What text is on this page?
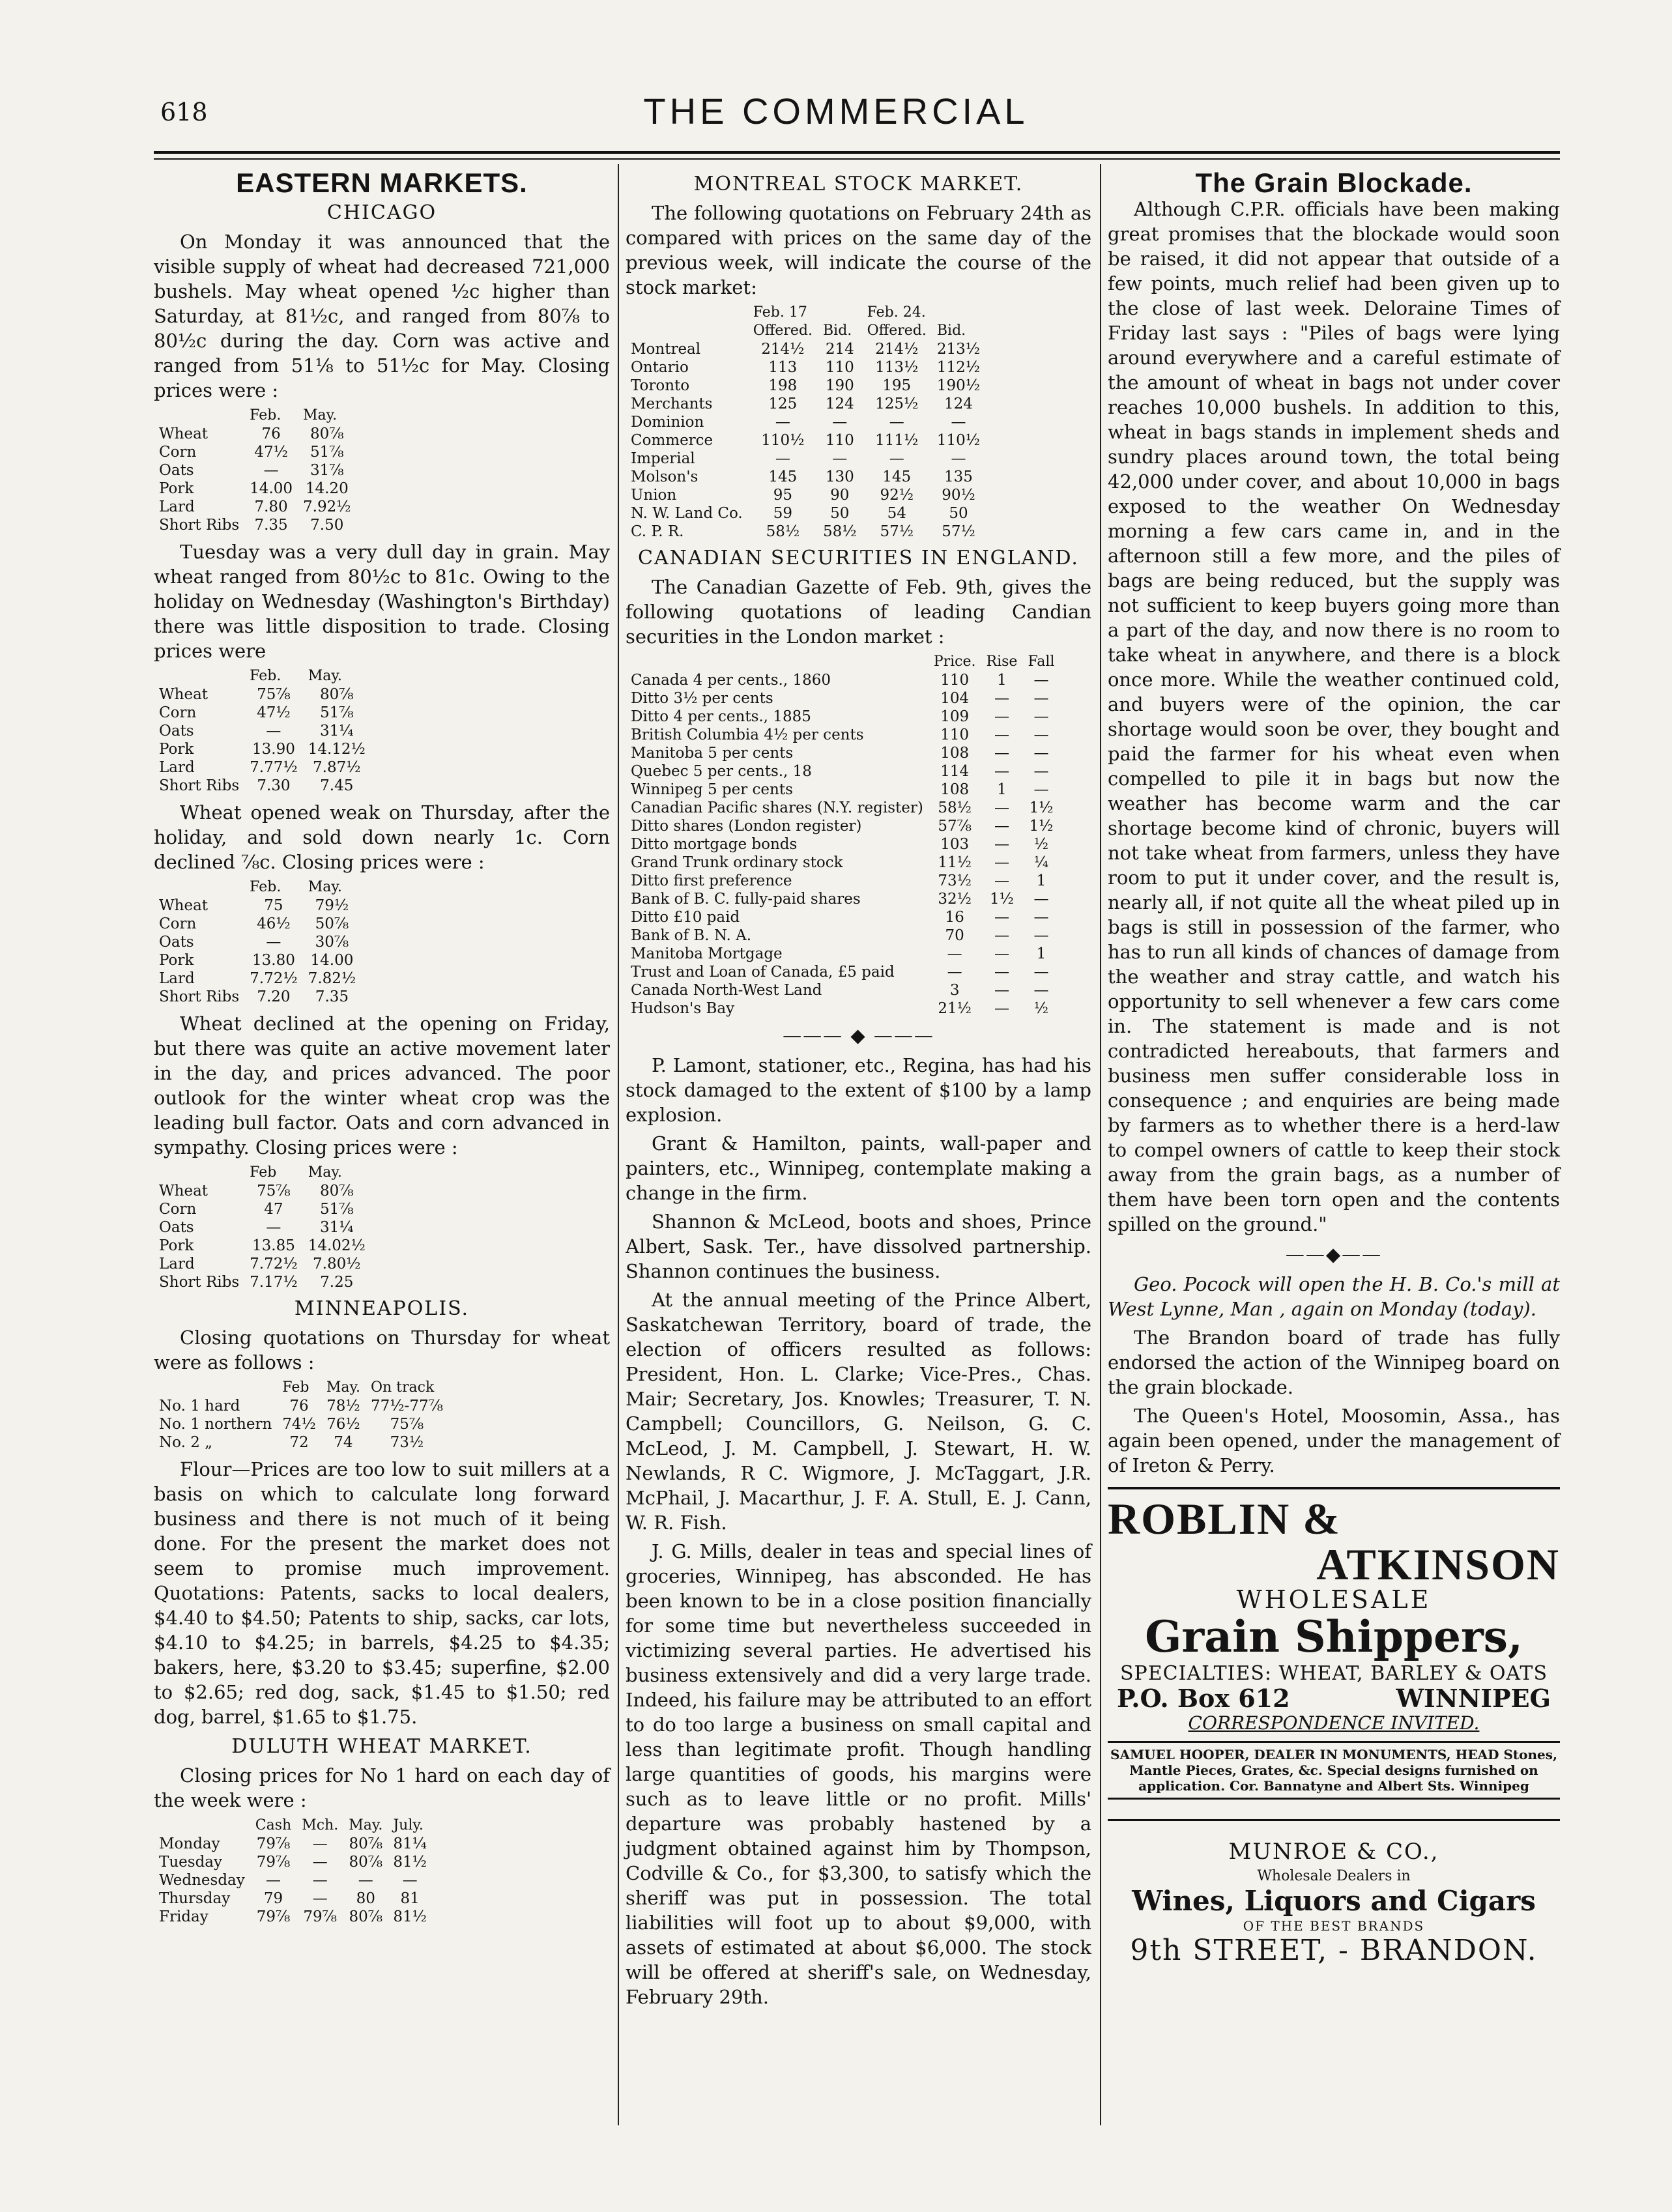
618	THE COMMERCIAL
EASTERN MARKETS.
CHICAGO

On Monday it was announced that the visible supply of wheat had decreased 721,000 bushels. May wheat opened ½c higher than Saturday, at 81½c, and ranged from 80⅞ to 80½c during the day. Corn was active and ranged from 51⅛ to 51½c for May. Closing prices were :

	Feb.	May.
Wheat	76	80⅞
Corn	47½	51⅞
Oats	—	31⅞
Pork	14.00	14.20
Lard	7.80	7.92½
Short Ribs	7.35	7.50

Tuesday was a very dull day in grain. May wheat ranged from 80½c to 81c. Owing to the holiday on Wednesday (Washington's Birthday) there was little disposition to trade. Closing prices were

	Feb.	May.
Wheat	75⅞	80⅞
Corn	47½	51⅞
Oats	—	31¼
Pork	13.90	14.12½
Lard	7.77½	7.87½
Short Ribs	7.30	7.45

Wheat opened weak on Thursday, after the holiday, and sold down nearly 1c. Corn declined ⅞c. Closing prices were :

	Feb.	May.
Wheat	75	79½
Corn	46½	50⅞
Oats	—	30⅞
Pork	13.80	14.00
Lard	7.72½	7.82½
Short Ribs	7.20	7.35

Wheat declined at the opening on Friday, but there was quite an active movement later in the day, and prices advanced. The poor outlook for the winter wheat crop was the leading bull factor. Oats and corn advanced in sympathy. Closing prices were :

	Feb	May.
Wheat	75⅞	80⅞
Corn	47	51⅞
Oats	—	31¼
Pork	13.85	14.02½
Lard	7.72½	7.80½
Short Ribs	7.17½	7.25
MINNEAPOLIS.

Closing quotations on Thursday for wheat were as follows :

	Feb	May.	On track
No. 1 hard	76	78½	77½-77⅞
No. 1 northern	74½	76½	75⅞
No. 2 „	72	74	73½

Flour—Prices are too low to suit millers at a basis on which to calculate long forward business and there is not much of it being done. For the present the market does not seem to promise much improvement. Quotations: Patents, sacks to local dealers, $4.40 to $4.50; Patents to ship, sacks, car lots, $4.10 to $4.25; in barrels, $4.25 to $4.35; bakers, here, $3.20 to $3.45; superfine, $2.00 to $2.65; red dog, sack, $1.45 to $1.50; red dog, barrel, $1.65 to $1.75.

DULUTH WHEAT MARKET.

Closing prices for No 1 hard on each day of the week were :

	Cash	Mch.	May.	July.
Monday	79⅞	—	80⅞	81¼
Tuesday	79⅞	—	80⅞	81½
Wednesday	—	—	—	—
Thursday	79	—	80	81
Friday	79⅞	79⅞	80⅞	81½
MONTREAL STOCK MARKET.

The following quotations on February 24th as compared with prices on the same day of the previous week, will indicate the course of the stock market:

	Feb. 17		Feb. 24.	
	Offered.	Bid.	Offered.	Bid.
Montreal	214½	214	214½	213½
Ontario	113	110	113½	112½
Toronto	198	190	195	190½
Merchants	125	124	125½	124
Dominion	—	—	—	—
Commerce	110½	110	111½	110½
Imperial	—	—	—	—
Molson's	145	130	145	135
Union	95	90	92½	90½
N. W. Land Co.	59	50	54	50
C. P. R.	58½	58½	57½	57½
CANADIAN SECURITIES IN ENGLAND.

The Canadian Gazette of Feb. 9th, gives the following quotations of leading Candian securities in the London market :

	Price.	Rise	Fall
Canada 4 per cents., 1860	110	1	—
Ditto 3½ per cents	104	—	—
Ditto 4 per cents., 1885	109	—	—
British Columbia 4½ per cents	110	—	—
Manitoba 5 per cents	108	—	—
Quebec 5 per cents., 18	114	—	—
Winnipeg 5 per cents	108	1	—
Canadian Pacific shares (N.Y. register)	58½	—	1½
Ditto shares (London register)	57⅞	—	1½
Ditto mortgage bonds	103	—	½
Grand Trunk ordinary stock	11½	—	¼
Ditto first preference	73½	—	1
Bank of B. C. fully-paid shares	32½	1½	—
Ditto £10 paid	16	—	—
Bank of B. N. A.	70	—	—
Manitoba Mortgage	—	—	1
Trust and Loan of Canada, £5 paid	—	—	—
Canada North-West Land	3	—	—
Hudson's Bay	21½	—	½
——— ◆ ———

P. Lamont, stationer, etc., Regina, has had his stock damaged to the extent of $100 by a lamp explosion.

Grant & Hamilton, paints, wall-paper and painters, etc., Winnipeg, contemplate making a change in the firm.

Shannon & McLeod, boots and shoes, Prince Albert, Sask. Ter., have dissolved partnership. Shannon continues the business.

At the annual meeting of the Prince Albert, Saskatchewan Territory, board of trade, the election of officers resulted as follows: President, Hon. L. Clarke; Vice-Pres., Chas. Mair; Secretary, Jos. Knowles; Treasurer, T. N. Campbell; Councillors, G. Neilson, G. C. McLeod, J. M. Campbell, J. Stewart, H. W. Newlands, R C. Wigmore, J. McTaggart, J.R. McPhail, J. Macarthur, J. F. A. Stull, E. J. Cann, W. R. Fish.

J. G. Mills, dealer in teas and special lines of groceries, Winnipeg, has absconded. He has been known to be in a close position financially for some time but nevertheless succeeded in victimizing several parties. He advertised his business extensively and did a very large trade. Indeed, his failure may be attributed to an effort to do too large a business on small capital and less than legitimate profit. Though handling large quantities of goods, his margins were such as to leave little or no profit. Mills' departure was probably hastened by a judgment obtained against him by Thompson, Codville & Co., for $3,300, to satisfy which the sheriff was put in possession. The total liabilities will foot up to about $9,000, with assets of estimated at about $6,000. The stock will be offered at sheriff's sale, on Wednesday, February 29th.

The Grain Blockade.

Although C.P.R. officials have been making great promises that the blockade would soon be raised, it did not appear that outside of a few points, much relief had been given up to the close of last week. Deloraine Times of Friday last says : "Piles of bags were lying around everywhere and a careful estimate of the amount of wheat in bags not under cover reaches 10,000 bushels. In addition to this, wheat in bags stands in implement sheds and sundry places around town, the total being 42,000 under cover, and about 10,000 in bags exposed to the weather On Wednesday morning a few cars came in, and in the afternoon still a few more, and the piles of bags are being reduced, but the supply was not sufficient to keep buyers going more than a part of the day, and now there is no room to take wheat in anywhere, and there is a block once more. While the weather continued cold, and buyers were of the opinion, the car shortage would soon be over, they bought and paid the farmer for his wheat even when compelled to pile it in bags but now the weather has become warm and the car shortage become kind of chronic, buyers will not take wheat from farmers, unless they have room to put it under cover, and the result is, nearly all, if not quite all the wheat piled up in bags is still in possession of the farmer, who has to run all kinds of chances of damage from the weather and stray cattle, and watch his opportunity to sell whenever a few cars come in. The statement is made and is not contradicted hereabouts, that farmers and business men suffer considerable loss in consequence ; and enquiries are being made by farmers as to whether there is a herd-law to compel owners of cattle to keep their stock away from the grain bags, as a number of them have been torn open and the contents spilled on the ground."

——◆——

Geo. Pocock will open the H. B. Co.'s mill at West Lynne, Man , again on Monday (today).

The Brandon board of trade has fully endorsed the action of the Winnipeg board on the grain blockade.

The Queen's Hotel, Moosomin, Assa., has again been opened, under the management of of Ireton & Perry.

ROBLIN &
ATKINSON
WHOLESALE
Grain Shippers,
SPECIALTIES: WHEAT, BARLEY & OATS
P.O. Box 612	WINNIPEG
CORRESPONDENCE INVITED.
SAMUEL HOOPER, DEALER IN MONUMENTS, HEAD Stones, Mantle Pieces, Grates, &c. Special designs furnished on application. Cor. Bannatyne and Albert Sts. Winnipeg
MUNROE & CO.,
Wholesale Dealers in
Wines, Liquors and Cigars
OF THE BEST BRANDS
9th STREET, - BRANDON.
